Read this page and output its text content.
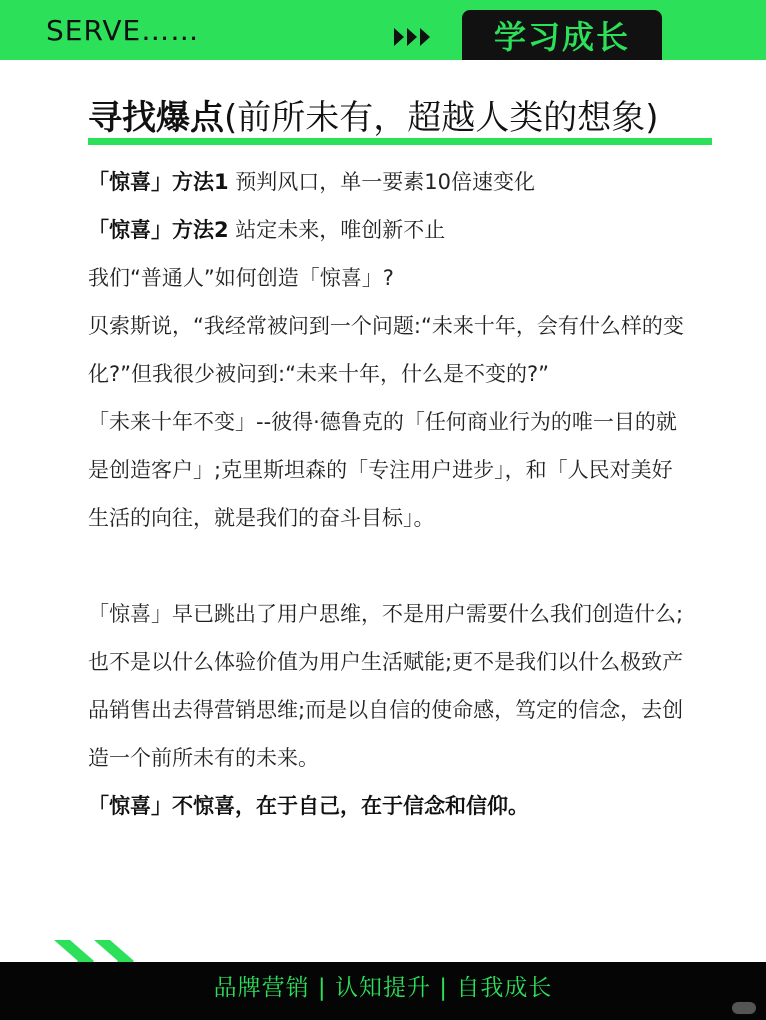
SERVE……	学习成长
寻找爆点(前所未有，超越人类的想象)

「惊喜」方法1 预判风口，单一要素10倍速变化

「惊喜」方法2 站定未来，唯创新不止

我们“普通人”如何创造「惊喜」?

贝索斯说，“我经常被问到一个问题:“未来十年，会有什么样的变化?”但我很少被问到:“未来十年，什么是不变的?”

「未来十年不变」--彼得·德鲁克的「任何商业行为的唯一目的就是创造客户」;克里斯坦森的「专注用户进步」，和「人民对美好生活的向往，就是我们的奋斗目标」。

「惊喜」早已跳出了用户思维，不是用户需要什么我们创造什么;也不是以什么体验价值为用户生活赋能;更不是我们以什么极致产品销售出去得营销思维;而是以自信的使命感，笃定的信念，去创造一个前所未有的未来。

「惊喜」不惊喜，在于自己，在于信念和信仰。

品牌营销 | 认知提升 | 自我成长
